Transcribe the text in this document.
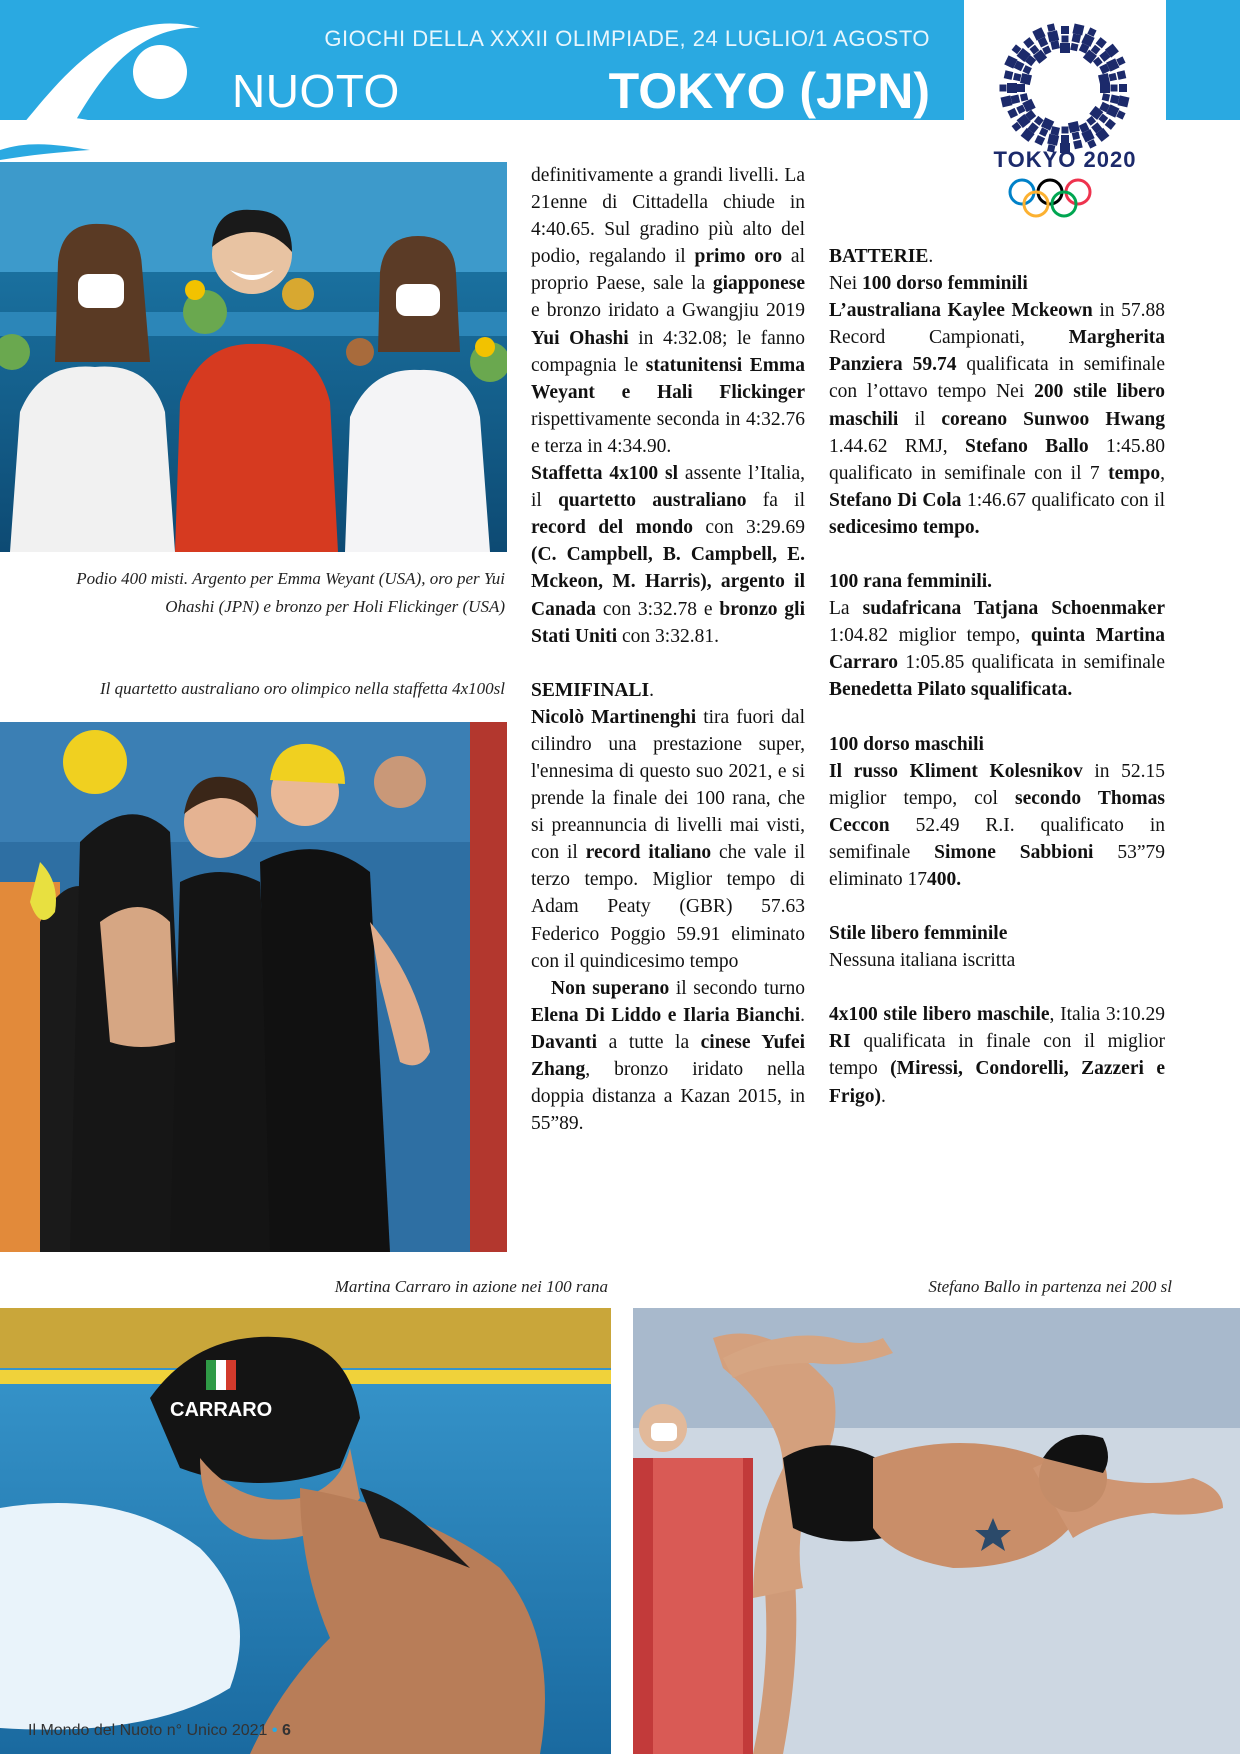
GIOCHI DELLA XXXII OLIMPIADE, 24 LUGLIO/1 AGOSTO
NUOTO	TOKYO (JPN)
TOKYO 2020
CARRARO
Podio 400 misti. Argento per Emma Weyant (USA), oro per Yui Ohashi (JPN) e bronzo per Holi Flickinger (USA)
Il quartetto australiano oro olimpico nella staffetta 4x100sl
Martina Carraro in azione nei 100 rana	Stefano Ballo in partenza nei 200 sl

definitivamente a grandi livelli. La 21enne di Cittadella chiude in 4:40.65. Sul gradino più alto del podio, regalando il primo oro al proprio Paese, sale la giapponese e bronzo iridato a Gwangjiu 2019 Yui Ohashi in 4:32.08; le fanno compagnia le statunitensi Emma Weyant e Hali Flickinger rispettivamente seconda in 4:32.76 e terza in 4:34.90.

Staffetta 4x100 sl assente l’Italia, il quartetto australiano fa il record del mondo con 3:29.69 (C. Campbell, B. Campbell, E. Mckeon, M. Harris), argento il Canada con 3:32.78 e bronzo gli Stati Uniti con 3:32.81.

SEMIFINALI.

Nicolò Martinenghi tira fuori dal cilindro una prestazione super, l'ennesima di questo suo 2021, e si prende la finale dei 100 rana, che si preannuncia di livelli mai visti, con il record italiano che vale il terzo tempo. Miglior tempo di Adam Peaty (GBR) 57.63 Federico Poggio 59.91 eliminato con il quindicesimo tempo

Non superano il secondo turno Elena Di Liddo e Ilaria Bianchi. Davanti a tutte la cinese Yufei Zhang, bronzo iridato nella doppia distanza a Kazan 2015, in 55”89.

BATTERIE.

Nei 100 dorso femminili

L’australiana Kaylee Mckeown in 57.88 Record Campionati, Margherita Panziera 59.74 qualificata in semifinale con l’ottavo tempo Nei 200 stile libero maschili il coreano Sunwoo Hwang 1.44.62 RMJ, Stefano Ballo 1:45.80 qualificato in semifinale con il 7 tempo, Stefano Di Cola 1:46.67 qualificato con il sedicesimo tempo.

100 rana femminili.

La sudafricana Tatjana Schoenmaker 1:04.82 miglior tempo, quinta Martina Carraro 1:05.85 qualificata in semifinale Benedetta Pilato squalificata.

100 dorso maschili

Il russo Kliment Kolesnikov in 52.15 miglior tempo, col secondo Thomas Ceccon 52.49 R.I. qualificato in semifinale Simone Sabbioni 53”79 eliminato 17400.

Stile libero femminile

Nessuna italiana iscritta

4x100 stile libero maschile, Italia 3:10.29 RI qualificata in finale con il miglior tempo (Miressi, Condorelli, Zazzeri e Frigo).

Il Mondo del Nuoto n° Unico 2021 • 6
